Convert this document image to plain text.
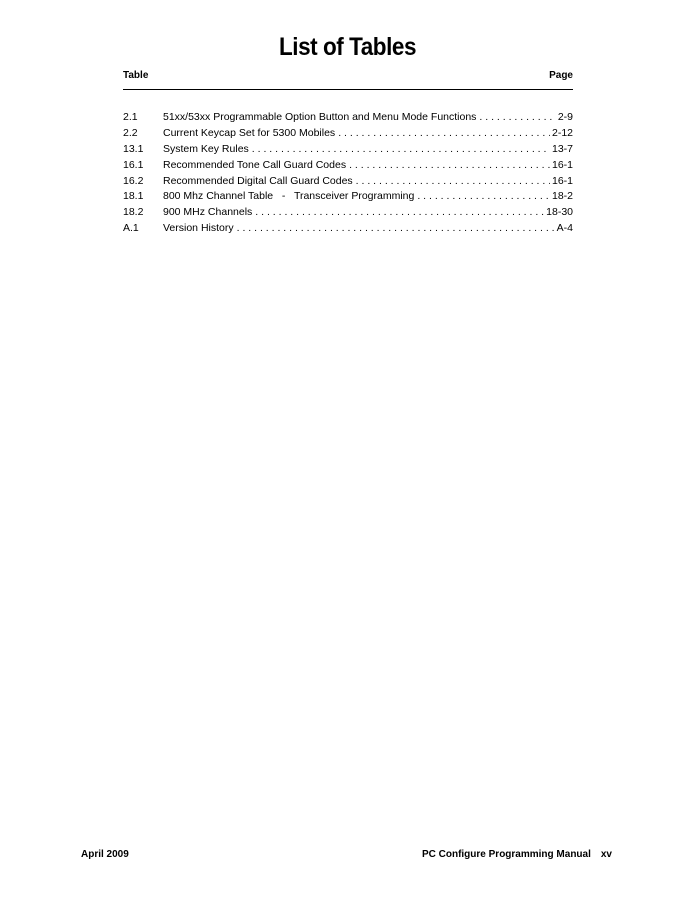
List of Tables
Table	Page
2.1	51xx/53xx Programmable Option Button and Menu Mode Functions . . .	2-9
2.2	Current Keycap Set for 5300 Mobiles . . .	2-12
13.1	System Key Rules . . .	13-7
16.1	Recommended Tone Call Guard Codes . . .	16-1
16.2	Recommended Digital Call Guard Codes . . .	16-1
18.1	800 Mhz Channel Table   -   Transceiver Programming . . .	18-2
18.2	900 MHz Channels . . .	18-30
A.1	Version History . . .	A-4
April 2009	PC Configure Programming Manual xv
